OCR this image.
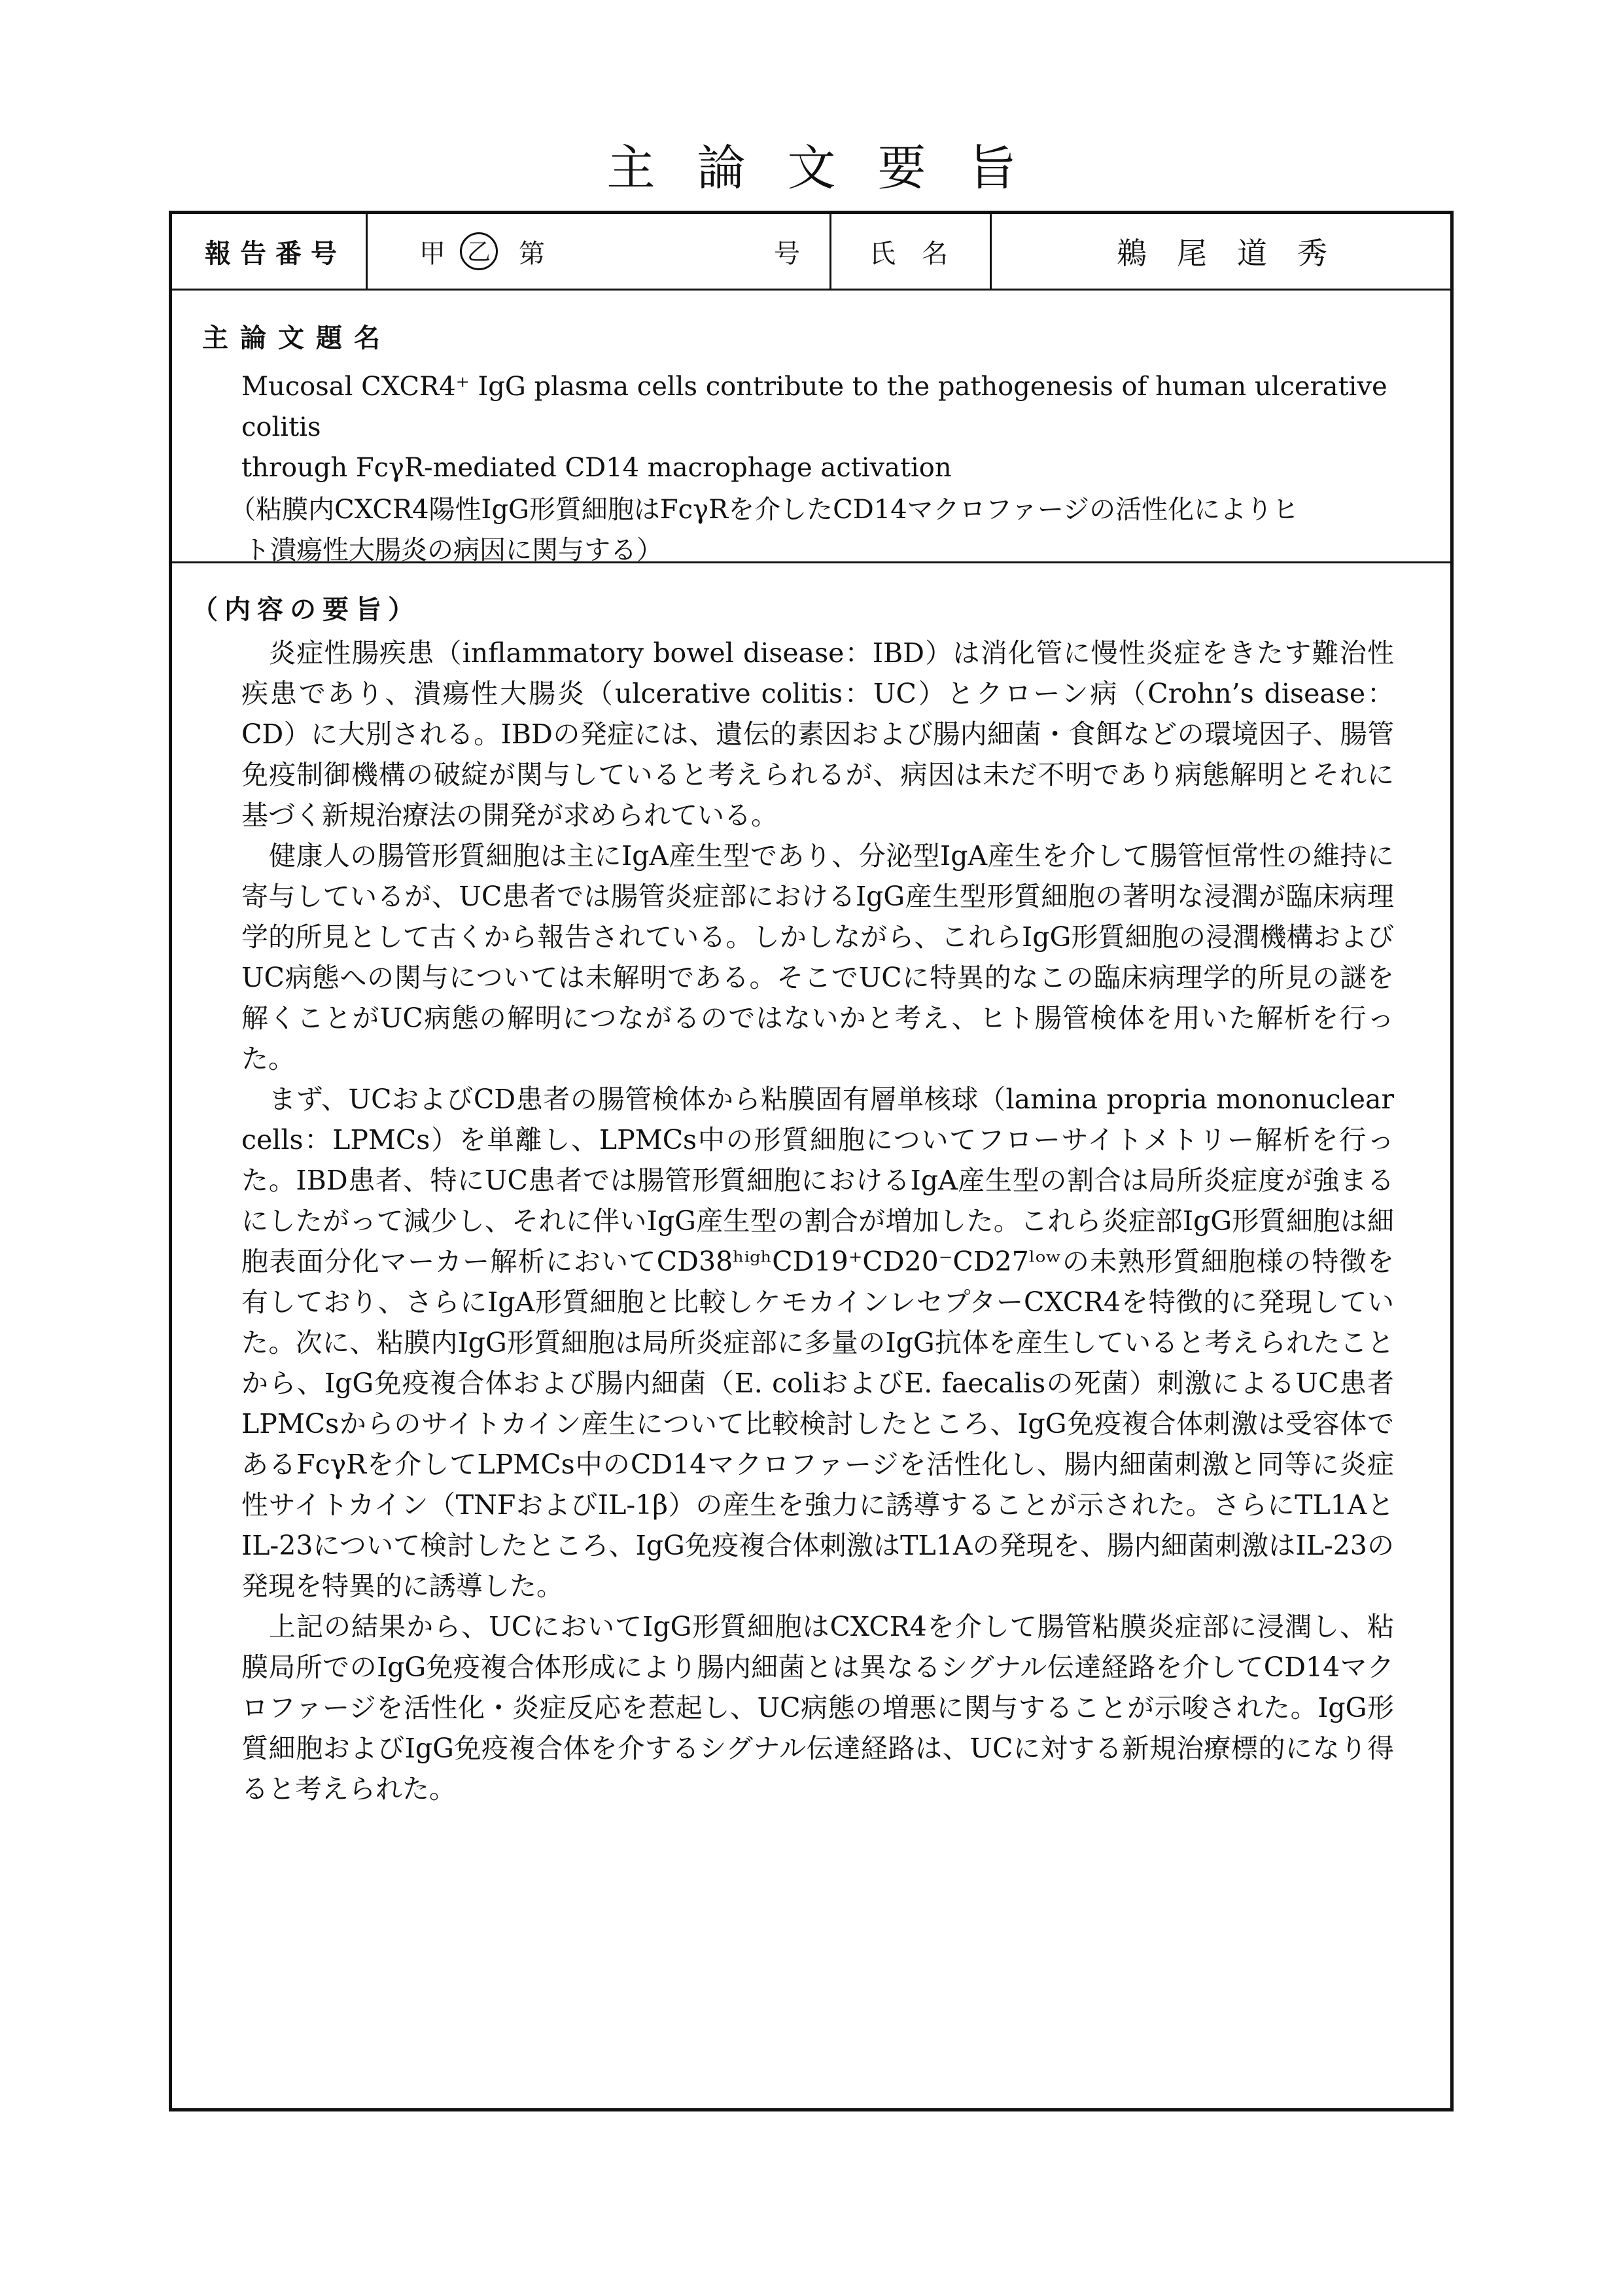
主論文要旨
報告番号	甲 乙 第	号	氏　名	鵜　尾　道　秀
主論文題名
Mucosal CXCR4⁺ IgG plasma cells contribute to the pathogenesis of human ulcerative colitis
through FcγR-mediated CD14 macrophage activation
（粘膜内CXCR4陽性IgG形質細胞はFcγRを介したCD14マクロファージの活性化によりヒ
ト潰瘍性大腸炎の病因に関与する）
（内容の要旨）

炎症性腸疾患（inflammatory bowel disease：IBD）は消化管に慢性炎症をきたす難治性疾患であり、潰瘍性大腸炎（ulcerative colitis：UC）とクローン病（Crohn’s disease：CD）に大別される。IBDの発症には、遺伝的素因および腸内細菌・食餌などの環境因子、腸管免疫制御機構の破綻が関与していると考えられるが、病因は未だ不明であり病態解明とそれに基づく新規治療法の開発が求められている。

健康人の腸管形質細胞は主にIgA産生型であり、分泌型IgA産生を介して腸管恒常性の維持に寄与しているが、UC患者では腸管炎症部におけるIgG産生型形質細胞の著明な浸潤が臨床病理学的所見として古くから報告されている。しかしながら、これらIgG形質細胞の浸潤機構およびUC病態への関与については未解明である。そこでUCに特異的なこの臨床病理学的所見の謎を解くことがUC病態の解明につながるのではないかと考え、ヒト腸管検体を用いた解析を行った。

まず、UCおよびCD患者の腸管検体から粘膜固有層単核球（lamina propria mononuclear cells：LPMCs）を単離し、LPMCs中の形質細胞についてフローサイトメトリー解析を行った。IBD患者、特にUC患者では腸管形質細胞におけるIgA産生型の割合は局所炎症度が強まるにしたがって減少し、それに伴いIgG産生型の割合が増加した。これら炎症部IgG形質細胞は細胞表面分化マーカー解析においてCD38ʰⁱᵍʰCD19⁺CD20⁻CD27ˡᵒʷの未熟形質細胞様の特徴を有しており、さらにIgA形質細胞と比較しケモカインレセプターCXCR4を特徴的に発現していた。次に、粘膜内IgG形質細胞は局所炎症部に多量のIgG抗体を産生していると考えられたことから、IgG免疫複合体および腸内細菌（E. coliおよびE. faecalisの死菌）刺激によるUC患者LPMCsからのサイトカイン産生について比較検討したところ、IgG免疫複合体刺激は受容体であるFcγRを介してLPMCs中のCD14マクロファージを活性化し、腸内細菌刺激と同等に炎症性サイトカイン（TNFおよびIL-1β）の産生を強力に誘導することが示された。さらにTL1AとIL-23について検討したところ、IgG免疫複合体刺激はTL1Aの発現を、腸内細菌刺激はIL-23の発現を特異的に誘導した。

上記の結果から、UCにおいてIgG形質細胞はCXCR4を介して腸管粘膜炎症部に浸潤し、粘膜局所でのIgG免疫複合体形成により腸内細菌とは異なるシグナル伝達経路を介してCD14マクロファージを活性化・炎症反応を惹起し、UC病態の増悪に関与することが示唆された。IgG形質細胞およびIgG免疫複合体を介するシグナル伝達経路は、UCに対する新規治療標的になり得ると考えられた。
